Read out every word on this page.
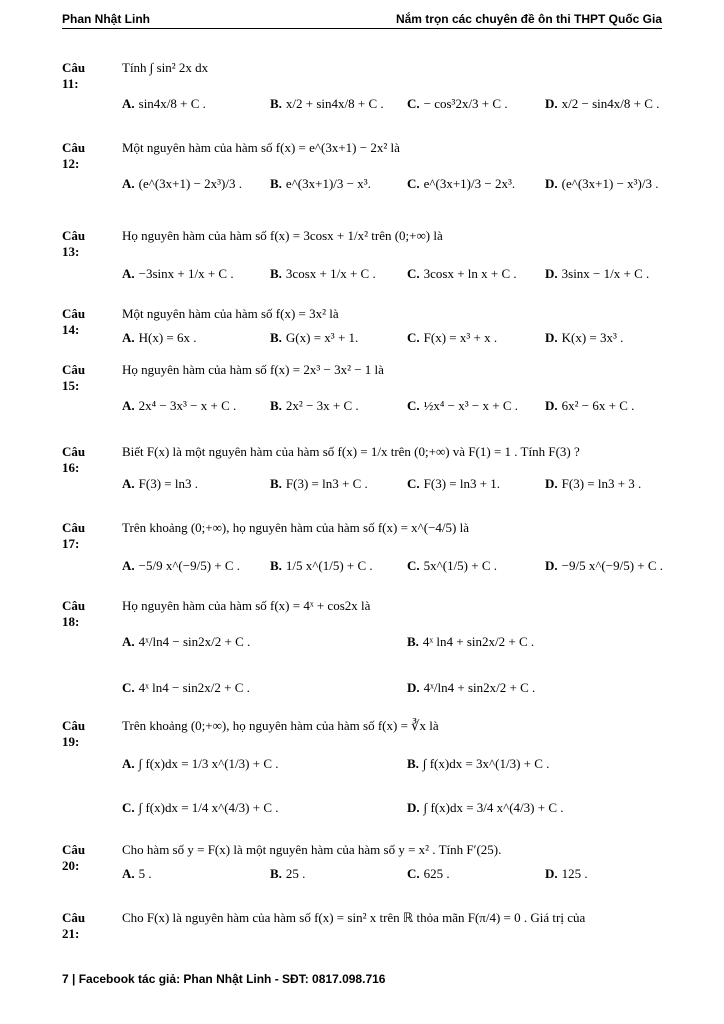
Phan Nhật Linh	Nắm trọn các chuyên đề ôn thi THPT Quốc Gia
Câu 11:
Tính ∫ sin² 2x dx
A. sin4x/8 + C .	B. x/2 + sin4x/8 + C . C. − cos³2x/3 + C .	D. x/2 − sin4x/8 + C .
Câu 12:
Một nguyên hàm của hàm số f(x) = e^(3x+1) − 2x² là
A. (e^(3x+1) − 2x³)/3 . B. e^(3x+1)/3 − x³.	C. e^(3x+1)/3 − 2x³. D. (e^(3x+1) − x³)/3 .
Câu 13:
Họ nguyên hàm của hàm số f(x) = 3cosx + 1/x² trên (0;+∞) là
A. −3sinx + 1/x + C .	B. 3cosx + 1/x + C . C. 3cosx + ln x + C . D. 3sinx − 1/x + C .
Câu 14:
Một nguyên hàm của hàm số f(x) = 3x² là
A. H(x) = 6x .	B. G(x) = x³ + 1.	C. F(x) = x³ + x .	D. K(x) = 3x³ .
Câu 15:
Họ nguyên hàm của hàm số f(x) = 2x³ − 3x² − 1 là
A. 2x⁴ − 3x³ − x + C .	B. 2x² − 3x + C .	C. ½x⁴ − x³ − x + C . D. 6x² − 6x + C .
Câu 16:
Biết F(x) là một nguyên hàm của hàm số f(x) = 1/x trên (0;+∞) và F(1) = 1 . Tính F(3) ?
A. F(3) = ln3 .	B. F(3) = ln3 + C .	C. F(3) = ln3 + 1.	D. F(3) = ln3 + 3 .
Câu 17:
Trên khoảng (0;+∞), họ nguyên hàm của hàm số f(x) = x^(−4/5) là
A. −5/9 x^(−9/5) + C . B. 1/5 x^(1/5) + C .	C. 5x^(1/5) + C .	D. −9/5 x^(−9/5) + C .
Câu 18:
Họ nguyên hàm của hàm số f(x) = 4ˣ + cos2x là
A. 4ˣ/ln4 − sin2x/2 + C .	B. 4ˣ ln4 + sin2x/2 + C .
C. 4ˣ ln4 − sin2x/2 + C .	D. 4ˣ/ln4 + sin2x/2 + C .
Câu 19:
Trên khoảng (0;+∞), họ nguyên hàm của hàm số f(x) = ∛x là
A. ∫ f(x)dx = 1/3 x^(1/3) + C .	B. ∫ f(x)dx = 3x^(1/3) + C .
C. ∫ f(x)dx = 1/4 x^(4/3) + C .	D. ∫ f(x)dx = 3/4 x^(4/3) + C .
Câu 20:
Cho hàm số y = F(x) là một nguyên hàm của hàm số y = x² . Tính F′(25).
A. 5 .	B. 25 .	C. 625 .	D. 125 .
Câu 21:
Cho F(x) là nguyên hàm của hàm số f(x) = sin² x trên ℝ thỏa mãn F(π/4) = 0 . Giá trị của
7 | Facebook tác giả: Phan Nhật Linh - SĐT: 0817.098.716
